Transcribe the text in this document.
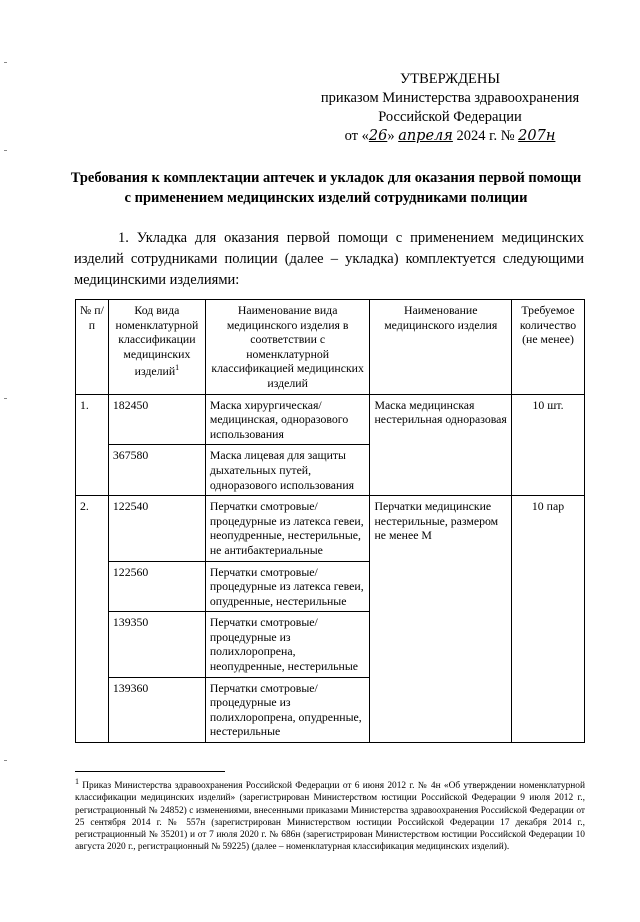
УТВЕРЖДЕНЫ
приказом Министерства здравоохранения
Российской Федерации
от «26» апреля 2024 г. № 207н
Требования к комплектации аптечек и укладок для оказания первой помощи
с применением медицинских изделий сотрудниками полиции
1. Укладка для оказания первой помощи с применением медицинских изделий сотрудниками полиции (далее – укладка) комплектуется следующими медицинскими изделиями:
№ п/п	Код вида номенклатурной классификации медицинских изделий$^1$	Наименование вида медицинского изделия в соответствии с номенклатурной классификацией медицинских изделий	Наименование медицинского изделия	Требуемое количество (не менее)
1.	182450	Маска хирургическая/ медицинская, одноразового использования	Маска медицинская нестерильная одноразовая	10 шт.
	367580	Маска лицевая для защиты дыхательных путей, одноразового использования		
2.	122540	Перчатки смотровые/ процедурные из латекса гевеи, неопудренные, нестерильные, не антибактериальные	Перчатки медицинские нестерильные, размером не менее М	10 пар
	122560	Перчатки смотровые/ процедурные из латекса гевеи, опудренные, нестерильные		
	139350	Перчатки смотровые/ процедурные из полихлоропрена, неопудренные, нестерильные		
	139360	Перчатки смотровые/ процедурные из полихлоропрена, опудренные, нестерильные		
1 Приказ Министерства здравоохранения Российской Федерации от 6 июня 2012 г. № 4н «Об утверждении номенклатурной классификации медицинских изделий» (зарегистрирован Министерством юстиции Российской Федерации 9 июля 2012 г., регистрационный № 24852) с изменениями, внесенными приказами Министерства здравоохранения Российской Федерации от 25 сентября 2014 г. № 557н (зарегистрирован Министерством юстиции Российской Федерации 17 декабря 2014 г., регистрационный № 35201) и от 7 июля 2020 г. № 686н (зарегистрирован Министерством юстиции Российской Федерации 10 августа 2020 г., регистрационный № 59225) (далее – номенклатурная классификация медицинских изделий).
